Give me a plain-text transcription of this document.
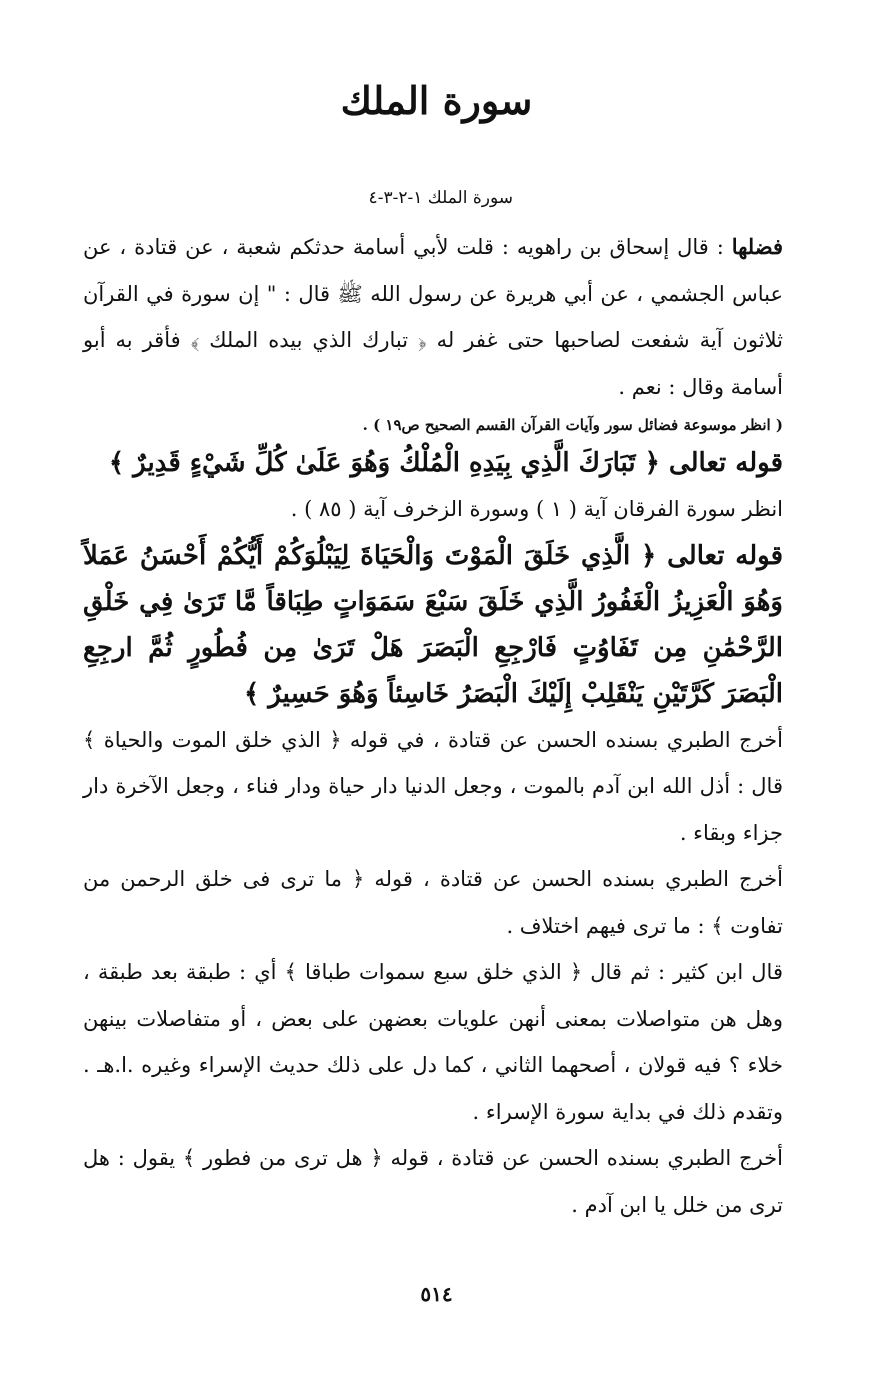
سورة الملك
سورة الملك ١-٢-٣-٤

فضلها : قال إسحاق بن راهويه : قلت لأبي أسامة حدثكم شعبة ، عن قتادة ، عن عباس الجشمي ، عن أبي هريرة عن رسول الله ﷺ قال : " إن سورة في القرآن ثلاثون آية شفعت لصاحبها حتى غفر له ﴿ تبارك الذي بيده الملك ﴾ فأقر به أبو أسامة وقال : نعم .

( انظر موسوعة فضائل سور وآيات القرآن القسم الصحيح ص١٩ ) .

قوله تعالى ﴿ تَبَارَكَ الَّذِي بِيَدِهِ الْمُلْكُ وَهُوَ عَلَىٰ كُلِّ شَيْءٍ قَدِيرٌ ﴾

انظر سورة الفرقان آية ( ١ ) وسورة الزخرف آية ( ٨٥ ) .

قوله تعالى ﴿ الَّذِي خَلَقَ الْمَوْتَ وَالْحَيَاةَ لِيَبْلُوَكُمْ أَيُّكُمْ أَحْسَنُ عَمَلاً وَهُوَ الْعَزِيزُ الْغَفُورُ الَّذِي خَلَقَ سَبْعَ سَمَوَاتٍ طِبَاقاً مَّا تَرَىٰ فِي خَلْقِ الرَّحْمَٰنِ مِن تَفَاوُتٍ فَارْجِعِ الْبَصَرَ هَلْ تَرَىٰ مِن فُطُورٍ ثُمَّ ارجِعِ الْبَصَرَ كَرَّتَيْنِ يَنْقَلِبْ إِلَيْكَ الْبَصَرُ خَاسِئاً وَهُوَ حَسِيرٌ ﴾

أخرج الطبري بسنده الحسن عن قتادة ، في قوله ﴿ الذي خلق الموت والحياة ﴾ قال : أذل الله ابن آدم بالموت ، وجعل الدنيا دار حياة ودار فناء ، وجعل الآخرة دار جزاء وبقاء .

أخرج الطبري بسنده الحسن عن قتادة ، قوله ﴿ ما ترى فى خلق الرحمن من تفاوت ﴾ : ما ترى فيهم اختلاف .

قال ابن كثير : ثم قال ﴿ الذي خلق سبع سموات طباقا ﴾ أي : طبقة بعد طبقة ، وهل هن متواصلات بمعنى أنهن علويات بعضهن على بعض ، أو متفاصلات بينهن خلاء ؟ فيه قولان ، أصحهما الثاني ، كما دل على ذلك حديث الإسراء وغيره .ا.هـ . وتقدم ذلك في بداية سورة الإسراء .

أخرج الطبري بسنده الحسن عن قتادة ، قوله ﴿ هل ترى من فطور ﴾ يقول : هل ترى من خلل يا ابن آدم .

٥١٤
